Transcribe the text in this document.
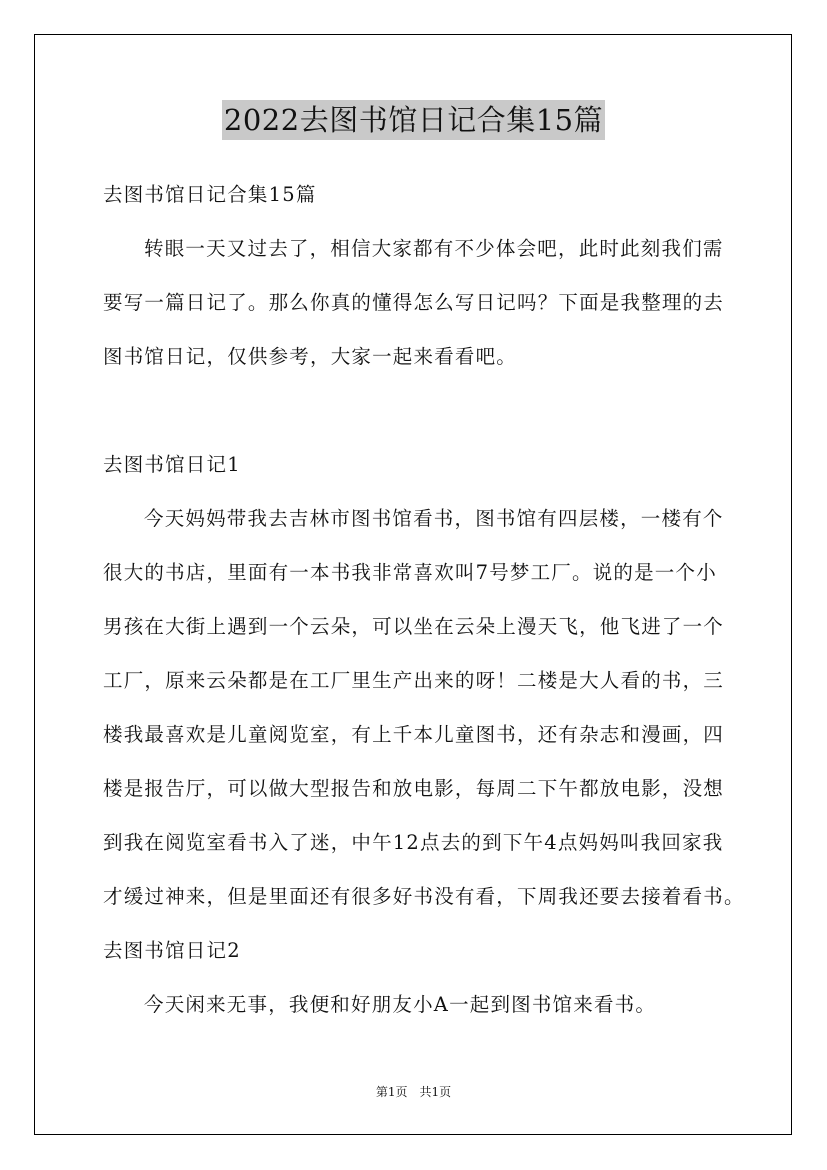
2022去图书馆日记合集15篇
去图书馆日记合集15篇
转眼一天又过去了，相信大家都有不少体会吧，此时此刻我们需
要写一篇日记了。那么你真的懂得怎么写日记吗？下面是我整理的去
图书馆日记，仅供参考，大家一起来看看吧。
去图书馆日记1
今天妈妈带我去吉林市图书馆看书，图书馆有四层楼，一楼有个
很大的书店，里面有一本书我非常喜欢叫7号梦工厂。说的是一个小
男孩在大街上遇到一个云朵，可以坐在云朵上漫天飞，他飞进了一个
工厂，原来云朵都是在工厂里生产出来的呀！二楼是大人看的书，三
楼我最喜欢是儿童阅览室，有上千本儿童图书，还有杂志和漫画，四
楼是报告厅，可以做大型报告和放电影，每周二下午都放电影，没想
到我在阅览室看书入了迷，中午12点去的到下午4点妈妈叫我回家我
才缓过神来，但是里面还有很多好书没有看，下周我还要去接着看书。
去图书馆日记2
今天闲来无事，我便和好朋友小A一起到图书馆来看书。
第1页 共1页
